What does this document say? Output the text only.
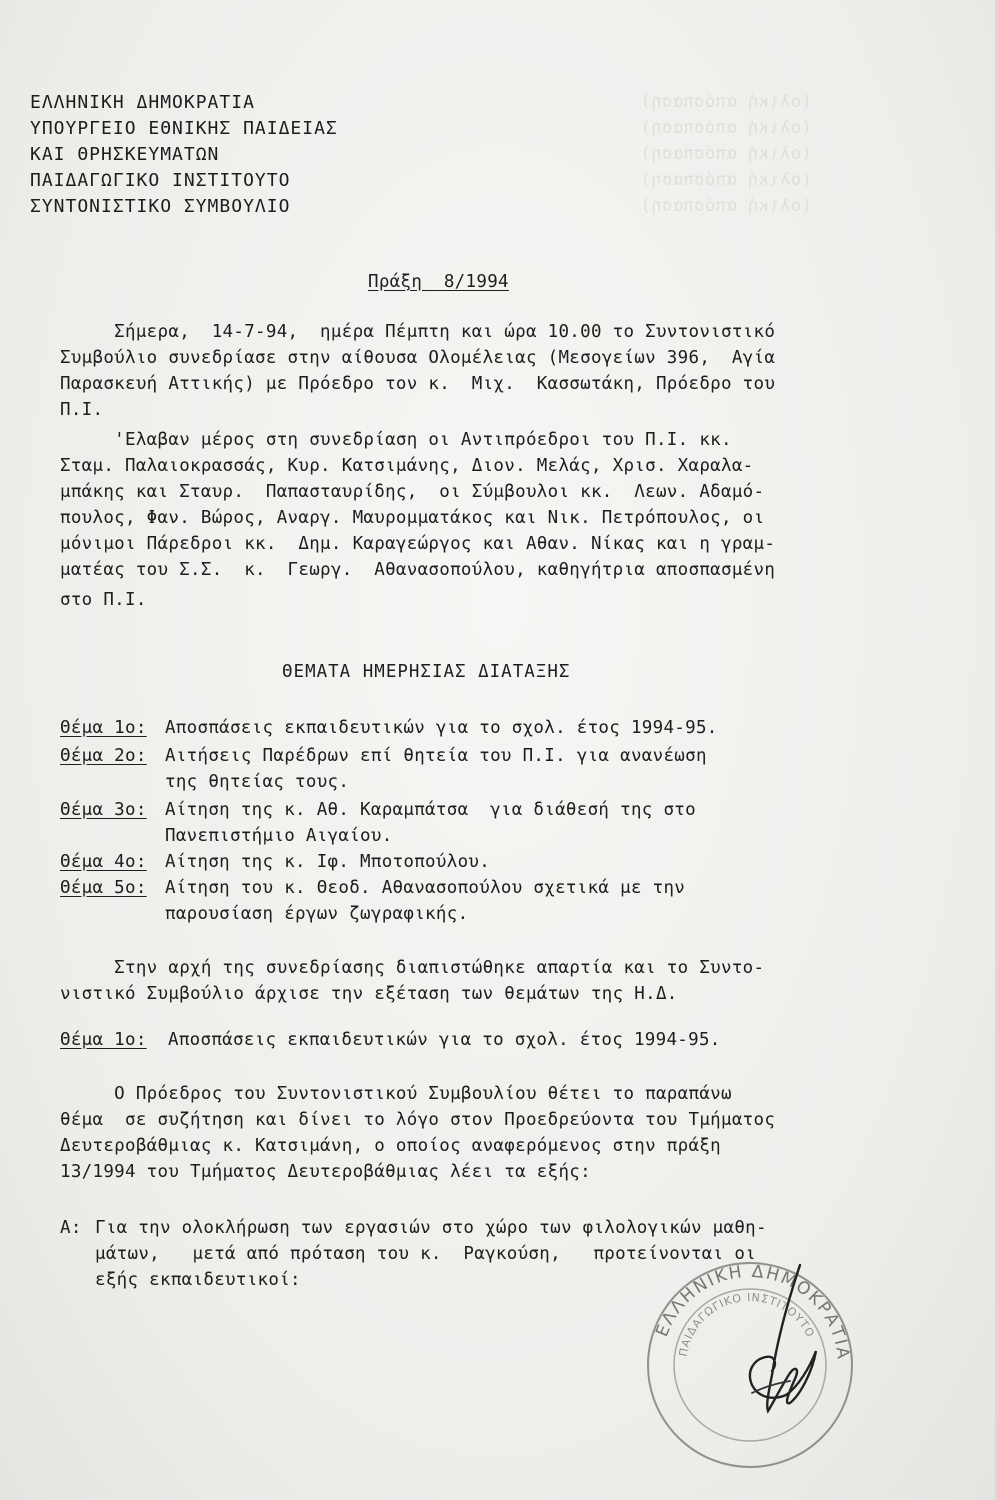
(ολική απόσπαση)
(ολική απόσπαση)
(ολική απόσπαση)
(ολική απόσπαση)
(ολική απόσπαση)
ΕΛΛΗΝΙΚΗ ΔΗΜΟΚΡΑΤΙΑ
ΥΠΟΥΡΓΕΙΟ ΕΘΝΙΚΗΣ ΠΑΙΔΕΙΑΣ
ΚΑΙ ΘΡΗΣΚΕΥΜΑΤΩΝ
ΠΑΙΔΑΓΩΓΙΚΟ ΙΝΣΤΙΤΟΥΤΟ
ΣΥΝΤΟΝΙΣΤΙΚΟ ΣΥΜΒΟΥΛΙΟ
Πράξη  8/1994
Σήμερα,  14-7-94,  ημέρα Πέμπτη και ώρα 10.00 το Συντονιστικό
Συμβούλιο συνεδρίασε στην αίθουσα Ολομέλειας (Μεσογείων 396,  Αγία
Παρασκευή Αττικής) με Πρόεδρο τον κ.  Μιχ.  Κασσωτάκη, Πρόεδρο του
Π.Ι.
'Ελαβαν μέρος στη συνεδρίαση οι Αντιπρόεδροι του Π.Ι. κκ.
Σταμ. Παλαιοκρασσάς, Κυρ. Κατσιμάνης, Διον. Μελάς, Χρισ. Χαραλα-
μπάκης και Σταυρ.  Παπασταυρίδης,  οι Σύμβουλοι κκ.  Λεων. Αδαμό-
πουλος, Φαν. Βώρος, Αναργ. Μαυρομματάκος και Νικ. Πετρόπουλος, οι
μόνιμοι Πάρεδροι κκ.  Δημ. Καραγεώργος και Αθαν. Νίκας και η γραμ-
ματέας του Σ.Σ.  κ.  Γεωργ.  Αθανασοπούλου, καθηγήτρια αποσπασμένη
στο Π.Ι.
ΘΕΜΑΤΑ ΗΜΕΡΗΣΙΑΣ ΔΙΑΤΑΞΗΣ
Θέμα 1ο: Αποσπάσεις εκπαιδευτικών για το σχολ. έτος 1994-95.
Θέμα 2ο: Αιτήσεις Παρέδρων επί θητεία του Π.Ι. για ανανέωση
της θητείας τους.
Θέμα 3ο: Αίτηση της κ. Αθ. Καραμπάτσα  για διάθεσή της στο
Πανεπιστήμιο Αιγαίου.
Θέμα 4ο: Αίτηση της κ. Ιφ. Μποτοπούλου.
Θέμα 5ο: Αίτηση του κ. Θεοδ. Αθανασοπούλου σχετικά με την
παρουσίαση έργων ζωγραφικής.
Στην αρχή της συνεδρίασης διαπιστώθηκε απαρτία και το Συντο-
νιστικό Συμβούλιο άρχισε την εξέταση των θεμάτων της Η.Δ.
Θέμα 1ο: Αποσπάσεις εκπαιδευτικών για το σχολ. έτος 1994-95.
Ο Πρόεδρος του Συντονιστικού Συμβουλίου θέτει το παραπάνω
θέμα  σε συζήτηση και δίνει το λόγο στον Προεδρεύοντα του Τμήματος
Δευτεροβάθμιας κ. Κατσιμάνη, ο οποίος αναφερόμενος στην πράξη
13/1994 του Τμήματος Δευτεροβάθμιας λέει τα εξής:
Α: Για την ολοκλήρωση των εργασιών στο χώρο των φιλολογικών μαθη-
μάτων,   μετά από πρόταση του κ.  Ραγκούση,   προτείνονται οι
εξής εκπαιδευτικοί:
ΕΛΛΗΝΙΚΗ ΔΗΜΟΚΡΑΤΙΑ
ΠΑΙΔΑΓΩΓΙΚΟ ΙΝΣΤΙΤΟΥΤΟ
